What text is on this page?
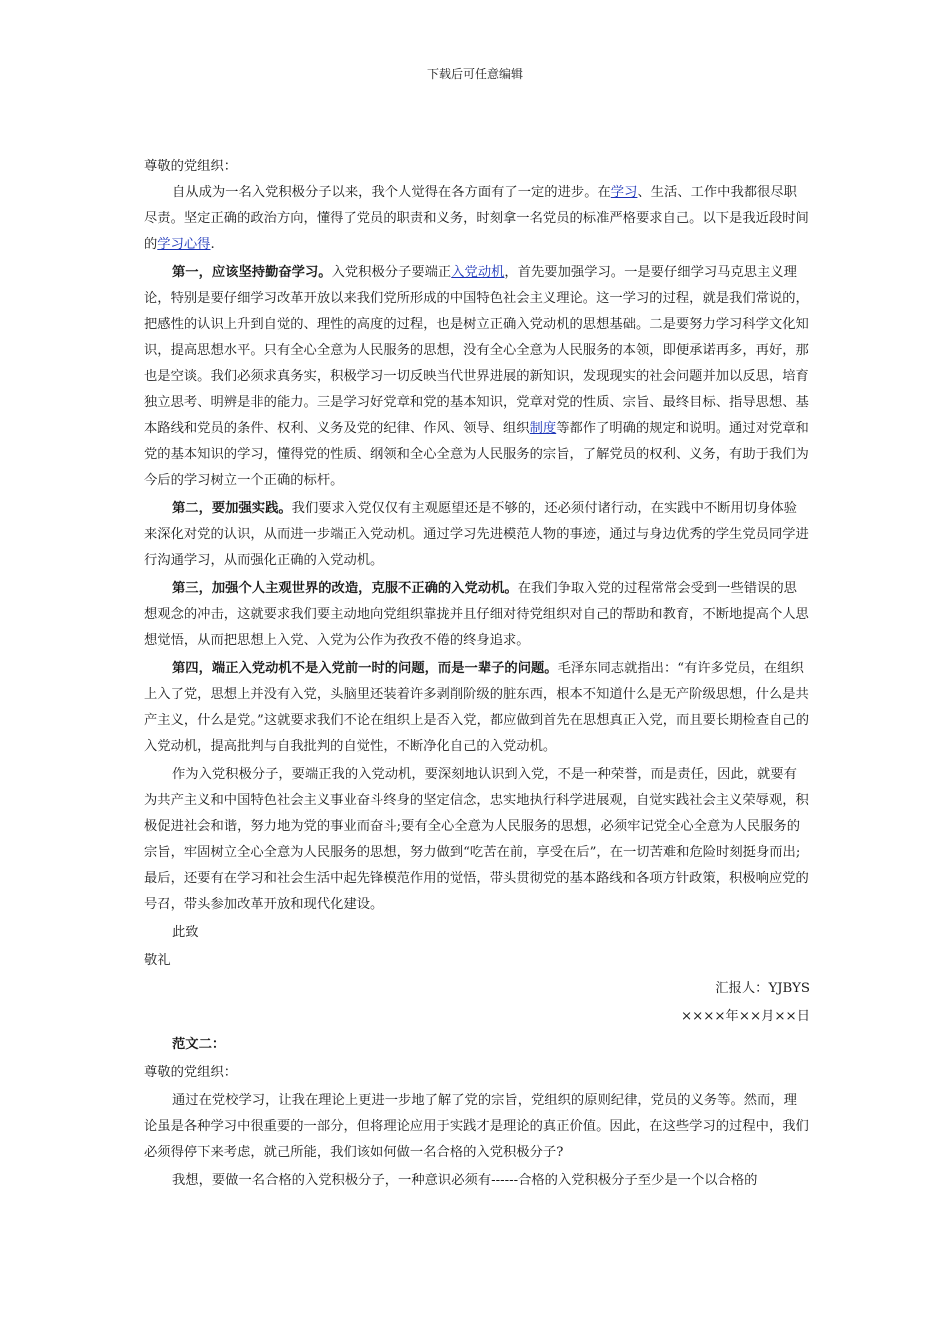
下载后可任意编辑

尊敬的党组织：

自从成为一名入党积极分子以来，我个人觉得在各方面有了一定的进步。在学习、生活、工作中我都很尽职尽责。坚定正确的政治方向，懂得了党员的职责和义务，时刻拿一名党员的标准严格要求自己。以下是我近段时间的学习心得.

第一，应该坚持勤奋学习。入党积极分子要端正入党动机，首先要加强学习。一是要仔细学习马克思主义理论，特别是要仔细学习改革开放以来我们党所形成的中国特色社会主义理论。这一学习的过程，就是我们常说的，把感性的认识上升到自觉的、理性的高度的过程，也是树立正确入党动机的思想基础。二是要努力学习科学文化知识，提高思想水平。只有全心全意为人民服务的思想，没有全心全意为人民服务的本领，即便承诺再多，再好，那也是空谈。我们必须求真务实，积极学习一切反映当代世界进展的新知识，发现现实的社会问题并加以反思，培育独立思考、明辨是非的能力。三是学习好党章和党的基本知识，党章对党的性质、宗旨、最终目标、指导思想、基本路线和党员的条件、权利、义务及党的纪律、作风、领导、组织制度等都作了明确的规定和说明。通过对党章和党的基本知识的学习，懂得党的性质、纲领和全心全意为人民服务的宗旨，了解党员的权利、义务，有助于我们为今后的学习树立一个正确的标杆。

第二，要加强实践。我们要求入党仅仅有主观愿望还是不够的，还必须付诸行动，在实践中不断用切身体验来深化对党的认识，从而进一步端正入党动机。通过学习先进模范人物的事迹，通过与身边优秀的学生党员同学进行沟通学习，从而强化正确的入党动机。

第三，加强个人主观世界的改造，克服不正确的入党动机。在我们争取入党的过程常常会受到一些错误的思想观念的冲击，这就要求我们要主动地向党组织靠拢并且仔细对待党组织对自己的帮助和教育，不断地提高个人思想觉悟，从而把思想上入党、入党为公作为孜孜不倦的终身追求。

第四，端正入党动机不是入党前一时的问题，而是一辈子的问题。毛泽东同志就指出：“有许多党员，在组织上入了党，思想上并没有入党，头脑里还装着许多剥削阶级的脏东西，根本不知道什么是无产阶级思想，什么是共产主义，什么是党。”这就要求我们不论在组织上是否入党，都应做到首先在思想真正入党，而且要长期检查自己的入党动机，提高批判与自我批判的自觉性，不断净化自己的入党动机。

作为入党积极分子，要端正我的入党动机，要深刻地认识到入党，不是一种荣誉，而是责任，因此，就要有为共产主义和中国特色社会主义事业奋斗终身的坚定信念，忠实地执行科学进展观，自觉实践社会主义荣辱观，积极促进社会和谐，努力地为党的事业而奋斗;要有全心全意为人民服务的思想，必须牢记党全心全意为人民服务的宗旨，牢固树立全心全意为人民服务的思想，努力做到“吃苦在前，享受在后”，在一切苦难和危险时刻挺身而出;最后，还要有在学习和社会生活中起先锋模范作用的觉悟，带头贯彻党的基本路线和各项方针政策，积极响应党的号召，带头参加改革开放和现代化建设。

此致

敬礼

汇报人：YJBYS

××××年××月××日

范文二：

尊敬的党组织：

通过在党校学习，让我在理论上更进一步地了解了党的宗旨，党组织的原则纪律，党员的义务等。然而，理论虽是各种学习中很重要的一部分，但将理论应用于实践才是理论的真正价值。因此，在这些学习的过程中，我们必须得停下来考虑，就己所能，我们该如何做一名合格的入党积极分子?

我想，要做一名合格的入党积极分子，一种意识必须有------合格的入党积极分子至少是一个以合格的
